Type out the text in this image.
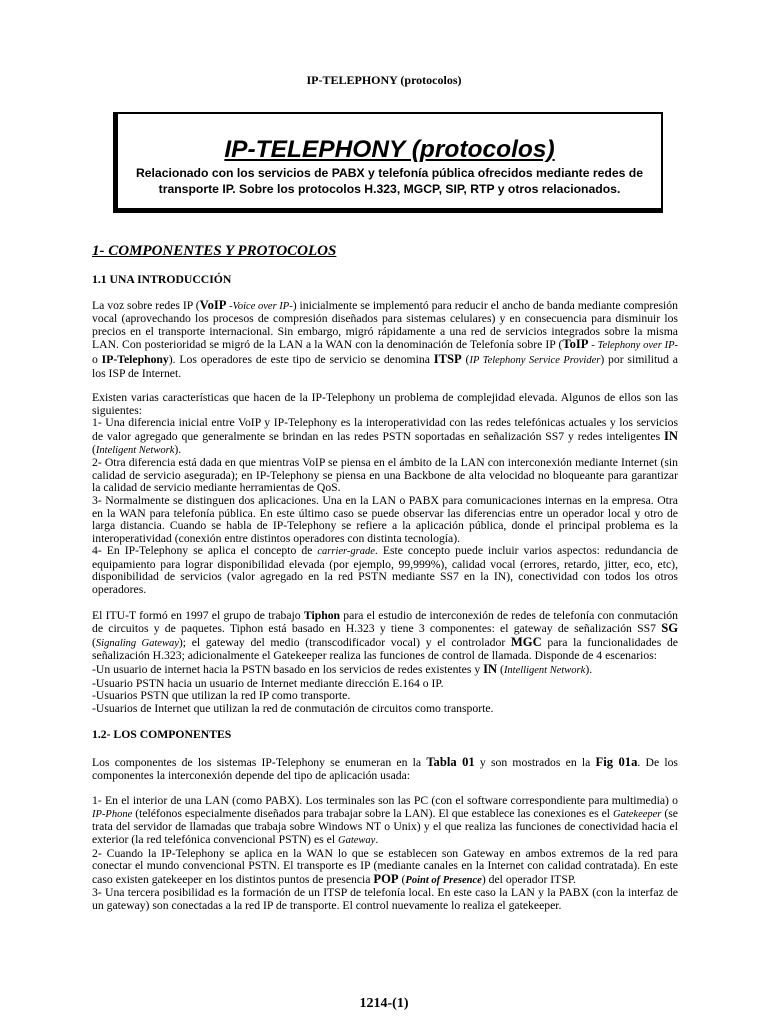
IP-TELEPHONY (protocolos)
IP-TELEPHONY (protocolos)
Relacionado con los servicios de PABX y telefonía pública ofrecidos mediante redes de
transporte IP. Sobre los protocolos H.323, MGCP, SIP, RTP y otros relacionados.
1- COMPONENTES Y PROTOCOLOS
1.1 UNA INTRODUCCIÓN

La voz sobre redes IP (VoIP -Voice over IP-) inicialmente se implementó para reducir el ancho de banda mediante compresión vocal (aprovechando los procesos de compresión diseñados para sistemas celulares) y en consecuencia para disminuir los precios en el transporte internacional. Sin embargo, migró rápidamente a una red de servicios integrados sobre la misma LAN. Con posterioridad se migró de la LAN a la WAN con la denominación de Telefonía sobre IP (ToIP - Telephony over IP- o IP-Telephony). Los operadores de este tipo de servicio se denomina ITSP (IP Telephony Service Provider) por similitud a los ISP de Internet.

Existen varias características que hacen de la IP-Telephony un problema de complejidad elevada. Algunos de ellos son las siguientes:
1- Una diferencia inicial entre VoIP y IP-Telephony es la interoperatividad con las redes telefónicas actuales y los servicios de valor agregado que generalmente se brindan en las redes PSTN soportadas en señalización SS7 y redes inteligentes IN (Inteligent Network).
2- Otra diferencia está dada en que mientras VoIP se piensa en el ámbito de la LAN con interconexión mediante Internet (sin calidad de servicio asegurada); en IP-Telephony se piensa en una Backbone de alta velocidad no bloqueante para garantizar la calidad de servicio mediante herramientas de QoS.
3- Normalmente se distinguen dos aplicaciones. Una en la LAN o PABX para comunicaciones internas en la empresa. Otra en la WAN para telefonía pública. En este último caso se puede observar las diferencias entre un operador local y otro de larga distancia. Cuando se habla de IP-Telephony se refiere a la aplicación pública, donde el principal problema es la interoperatividad (conexión entre distintos operadores con distinta tecnología).
4- En IP-Telephony se aplica el concepto de carrier-grade. Este concepto puede incluir varios aspectos: redundancia de equipamiento para lograr disponibilidad elevada (por ejemplo, 99,999%), calidad vocal (errores, retardo, jitter, eco, etc), disponibilidad de servicios (valor agregado en la red PSTN mediante SS7 en la IN), conectividad con todos los otros operadores.

El ITU-T formó en 1997 el grupo de trabajo Tiphon para el estudio de interconexión de redes de telefonía con conmutación de circuitos y de paquetes. Tiphon está basado en H.323 y tiene 3 componentes: el gateway de señalización SS7 SG (Signaling Gateway); el gateway del medio (transcodificador vocal) y el controlador MGC para la funcionalidades de señalización H.323; adicionalmente el Gatekeeper realiza las funciones de control de llamada. Disponde de 4 escenarios:
-Un usuario de internet hacia la PSTN basado en los servicios de redes existentes y IN (Intelligent Network).
-Usuario PSTN hacia un usuario de Internet mediante dirección E.164 o IP.
-Usuarios PSTN que utilizan la red IP como transporte.
-Usuarios de Internet que utilizan la red de conmutación de circuitos como transporte.

1.2- LOS COMPONENTES

Los componentes de los sistemas IP-Telephony se enumeran en la Tabla 01 y son mostrados en la Fig 01a. De los componentes la interconexión depende del tipo de aplicación usada:

1- En el interior de una LAN (como PABX). Los terminales son las PC (con el software correspondiente para multimedia) o IP-Phone (teléfonos especialmente diseñados para trabajar sobre la LAN). El que establece las conexiones es el Gatekeeper (se trata del servidor de llamadas que trabaja sobre Windows NT o Unix) y el que realiza las funciones de conectividad hacia el exterior (la red telefónica convencional PSTN) es el Gateway.
2- Cuando la IP-Telephony se aplica en la WAN lo que se establecen son Gateway en ambos extremos de la red para conectar el mundo convencional PSTN. El transporte es IP (mediante canales en la Internet con calidad contratada). En este caso existen gatekeeper en los distintos puntos de presencia POP (Point of Presence) del operador ITSP.
3- Una tercera posibilidad es la formación de un ITSP de telefonía local. En este caso la LAN y la PABX (con la interfaz de un gateway) son conectadas a la red IP de transporte. El control nuevamente lo realiza el gatekeeper.

1214-(1)
